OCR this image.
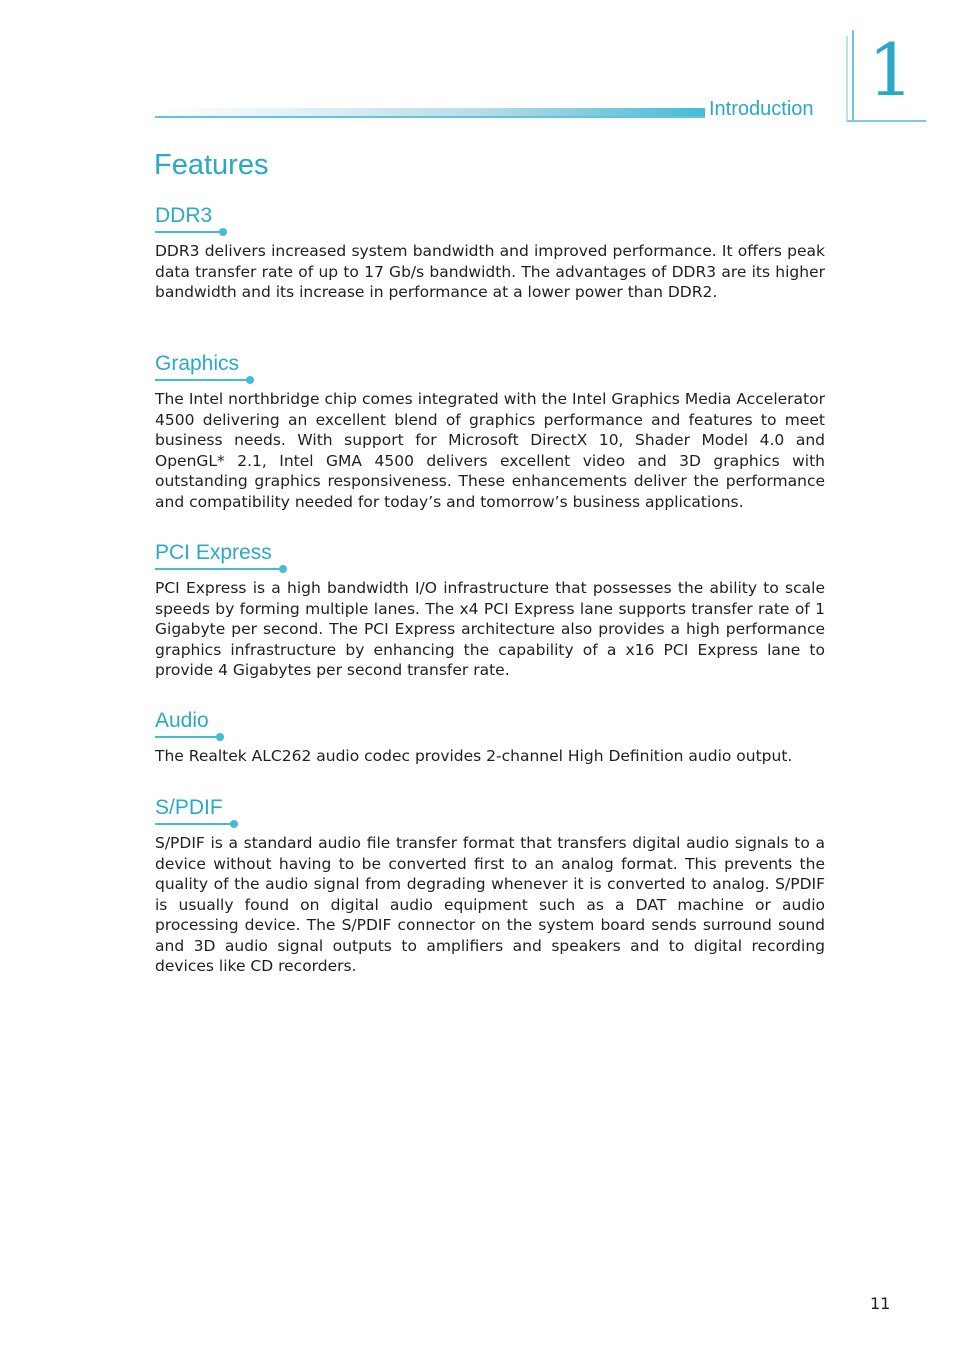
Introduction 1
Features
DDR3

DDR3 delivers increased system bandwidth and improved performance. It offers peak data transfer rate of up to 17 Gb/s bandwidth. The advantages of DDR3 are its higher bandwidth and its increase in performance at a lower power than DDR2.

Graphics

The Intel northbridge chip comes integrated with the Intel Graphics Media Accelerator 4500 delivering an excellent blend of graphics performance and features to meet business needs. With support for Microsoft DirectX 10, Shader Model 4.0 and OpenGL* 2.1, Intel GMA 4500 delivers excellent video and 3D graphics with outstanding graphics responsiveness. These enhancements deliver the performance and compatibility needed for today’s and tomorrow’s business applications.

PCI Express

PCI Express is a high bandwidth I/O infrastructure that possesses the ability to scale speeds by forming multiple lanes. The x4 PCI Express lane supports transfer rate of 1 Gigabyte per second. The PCI Express architecture also provides a high performance graphics infrastructure by enhancing the capability of a x16 PCI Express lane to provide 4 Gigabytes per second transfer rate.

Audio

The Realtek ALC262 audio codec provides 2-channel High Definition audio output.

S/PDIF

S/PDIF is a standard audio file transfer format that transfers digital audio signals to a device without having to be converted first to an analog format. This prevents the quality of the audio signal from degrading whenever it is converted to analog. S/PDIF is usually found on digital audio equipment such as a DAT machine or audio processing device. The S/PDIF connector on the system board sends surround sound and 3D audio signal outputs to amplifiers and speakers and to digital recording devices like CD recorders.

11
